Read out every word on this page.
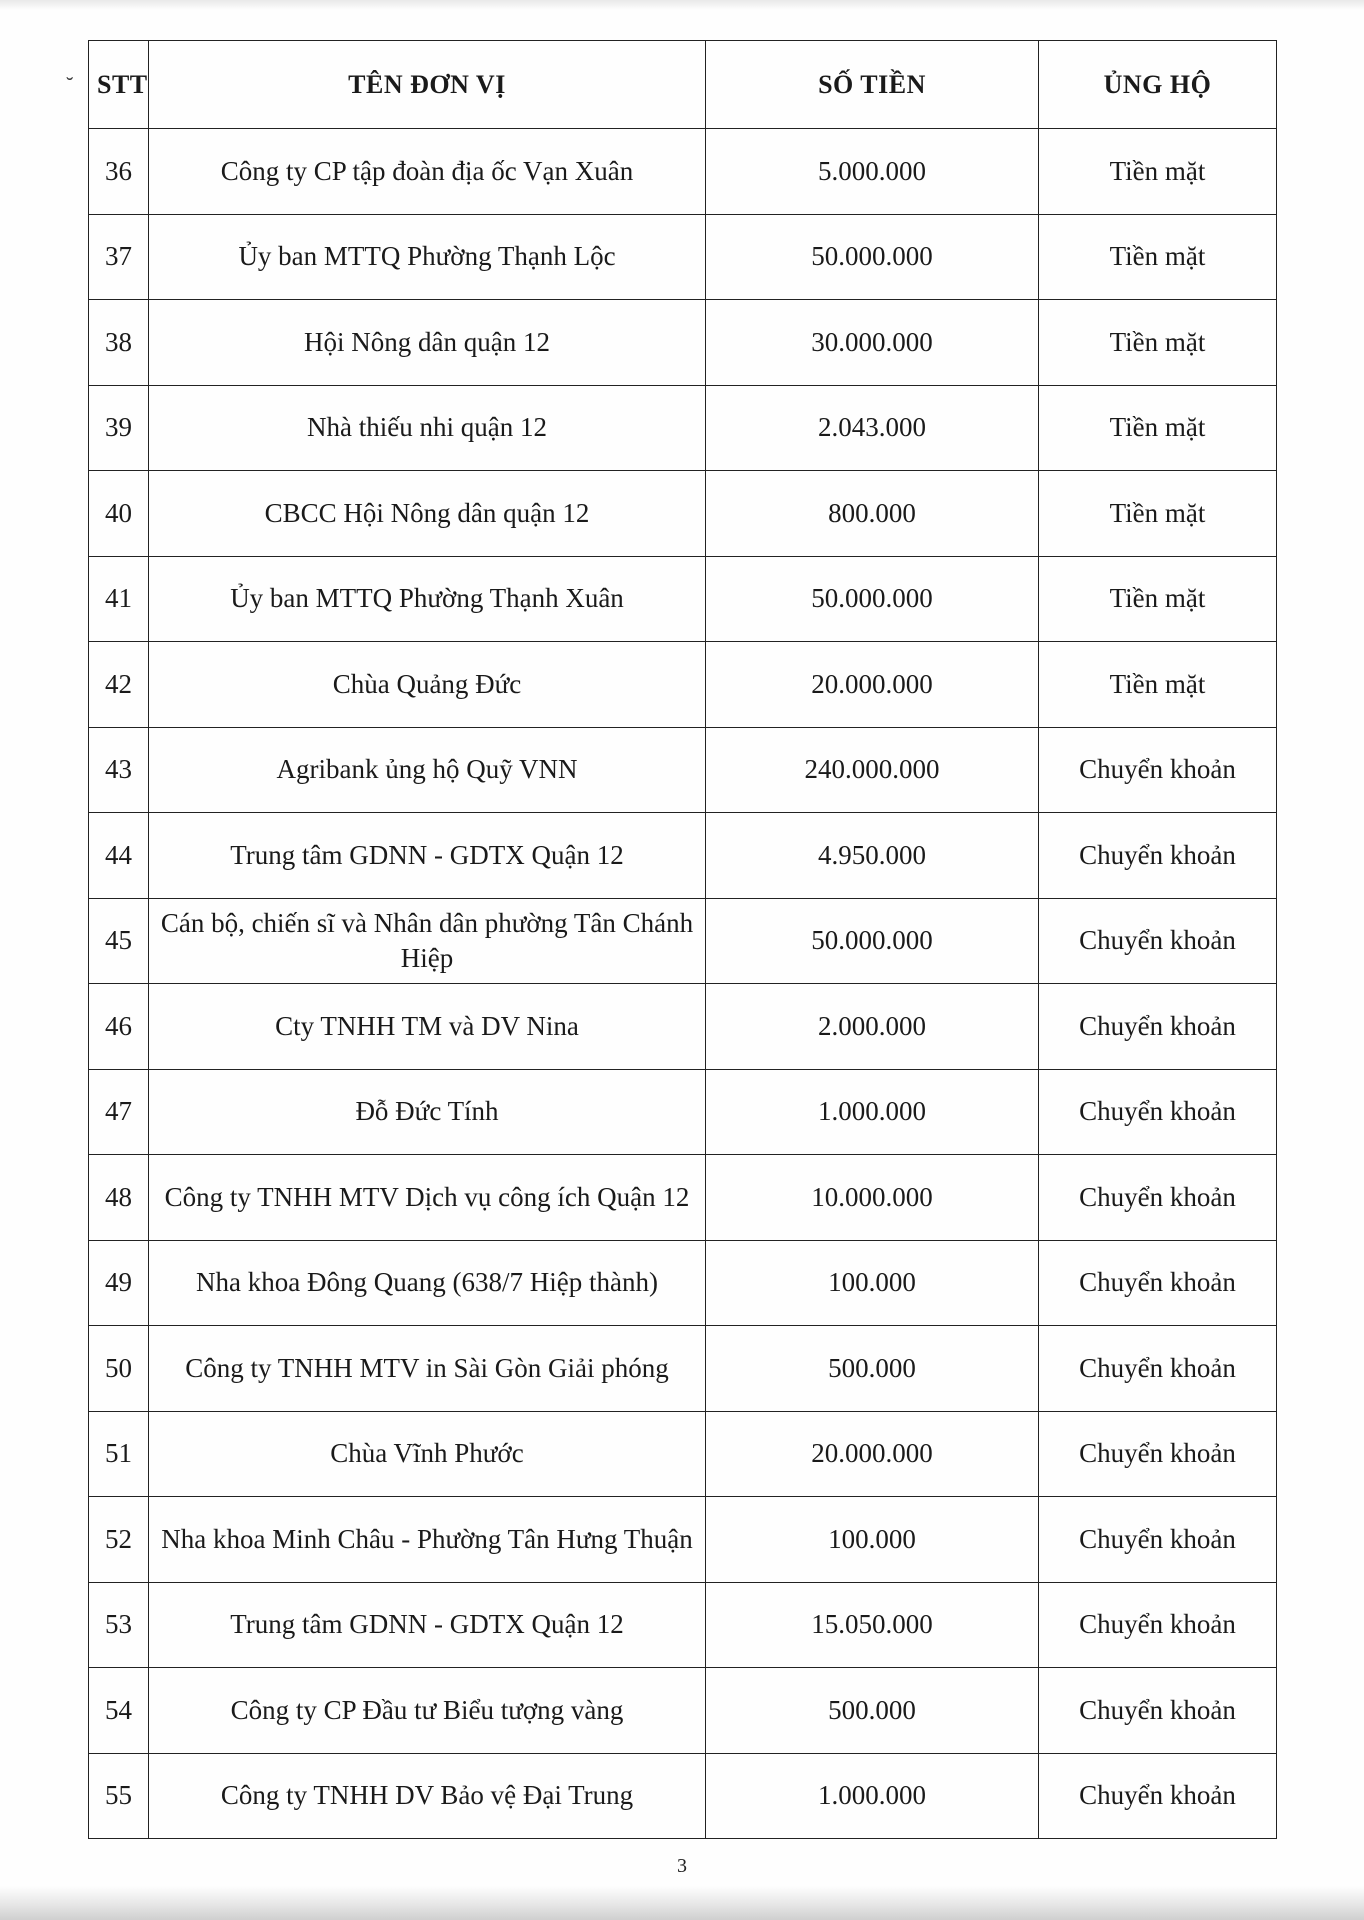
˘ STT	TÊN ĐƠN VỊ	SỐ TIỀN	ỦNG HỘ
36	Công ty CP tập đoàn địa ốc Vạn Xuân	5.000.000	Tiền mặt
37	Ủy ban MTTQ Phường Thạnh Lộc	50.000.000	Tiền mặt
38	Hội Nông dân quận 12	30.000.000	Tiền mặt
39	Nhà thiếu nhi quận 12	2.043.000	Tiền mặt
40	CBCC Hội Nông dân quận 12	800.000	Tiền mặt
41	Ủy ban MTTQ Phường Thạnh Xuân	50.000.000	Tiền mặt
42	Chùa Quảng Đức	20.000.000	Tiền mặt
43	Agribank ủng hộ Quỹ VNN	240.000.000	Chuyển khoản
44	Trung tâm GDNN - GDTX Quận 12	4.950.000	Chuyển khoản
45	Cán bộ, chiến sĩ và Nhân dân phường Tân Chánh Hiệp	50.000.000	Chuyển khoản
46	Cty TNHH TM và DV Nina	2.000.000	Chuyển khoản
47	Đỗ Đức Tính	1.000.000	Chuyển khoản
48	Công ty TNHH MTV Dịch vụ công ích Quận 12	10.000.000	Chuyển khoản
49	Nha khoa Đông Quang (638/7 Hiệp thành)	100.000	Chuyển khoản
50	Công ty TNHH MTV in Sài Gòn Giải phóng	500.000	Chuyển khoản
51	Chùa Vĩnh Phước	20.000.000	Chuyển khoản
52	Nha khoa Minh Châu - Phường Tân Hưng Thuận	100.000	Chuyển khoản
53	Trung tâm GDNN - GDTX Quận 12	15.050.000	Chuyển khoản
54	Công ty CP Đầu tư Biểu tượng vàng	500.000	Chuyển khoản
55	Công ty TNHH DV Bảo vệ Đại Trung	1.000.000	Chuyển khoản
3
